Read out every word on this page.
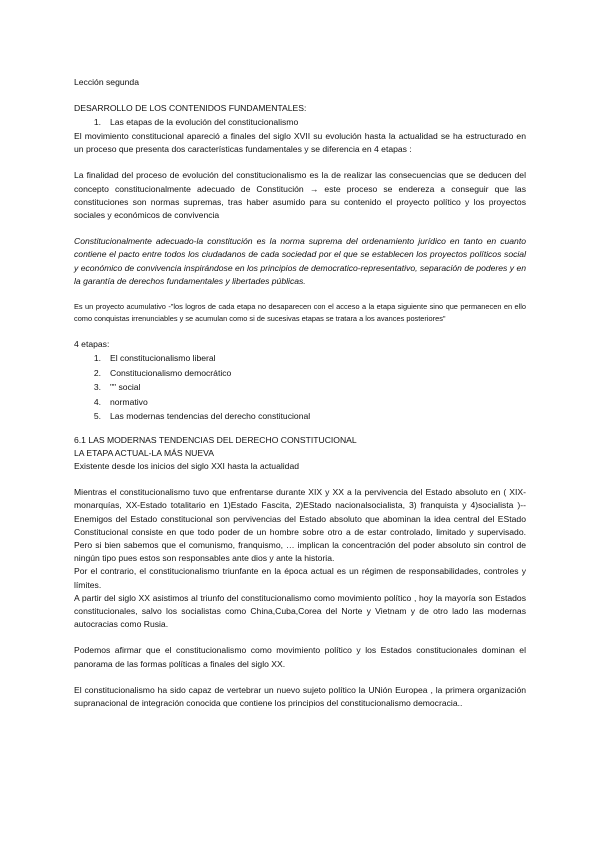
Lección segunda

DESARROLLO DE LOS CONTENIDOS FUNDAMENTALES:

1.	Las etapas de la evolución del constitucionalismo

El movimiento constitucional apareció a finales del siglo XVII su evolución hasta la actualidad se ha estructurado en un proceso que presenta dos características fundamentales y se diferencia en 4 etapas :

La finalidad del proceso de evolución del constitucionalismo es la de realizar las consecuencias que se deducen del concepto constitucionalmente adecuado de Constitución → este proceso se endereza a conseguir que las constituciones son normas supremas, tras haber asumido para su contenido el proyecto político y los proyectos sociales y económicos de convivencia

Constitucionalmente adecuado-la constitución es la norma suprema del ordenamiento jurídico en tanto en cuanto contiene el pacto entre todos los ciudadanos de cada sociedad por el que se establecen los proyectos políticos social y económico de convivencia inspirándose en los principios de democratico-representativo, separación de poderes y en la garantía de derechos fundamentales y libertades públicas.

Es un proyecto acumulativo -"los logros de cada etapa no desaparecen con el acceso a la etapa siguiente sino que permanecen en ello como conquistas irrenunciables y se acumulan como si de sucesivas etapas se tratara a los avances posteriores"

4 etapas:

1.	El constitucionalismo liberal
2.	Constitucionalismo democrático
3.	"" social
4.	normativo
5.	Las modernas tendencias del derecho constitucional

6.1 LAS MODERNAS TENDENCIAS DEL DERECHO CONSTITUCIONAL

LA ETAPA ACTUAL-LA MÁS NUEVA

Existente desde los inicios del siglo XXI hasta la actualidad

Mientras el constitucionalismo tuvo que enfrentarse durante XIX y XX a la pervivencia del Estado absoluto en ( XIX-monarquías, XX-Estado totalitario en 1)Estado Fascita, 2)EStado nacionalsocialista, 3) franquista y 4)socialista )-- Enemigos del Estado constitucional son pervivencias del Estado absoluto que abominan la idea central del EStado Constitucional consiste en que todo poder de un hombre sobre otro a de estar controlado, limitado y supervisado. Pero si bien sabemos que el comunismo, franquismo, … implican la concentración del poder absoluto sin control de ningún tipo pues estos son responsables ante dios y ante la historia.

Por el contrario, el constitucionalismo triunfante en la época actual es un régimen de responsabilidades, controles y límites.

A partir del siglo XX asistimos al triunfo del constitucionalismo como movimiento político , hoy la mayoría son Estados constitucionales, salvo los socialistas como China,Cuba,Corea del Norte y Vietnam y de otro lado las modernas autocracias como Rusia.

Podemos afirmar que el constitucionalismo como movimiento político y los Estados constitucionales dominan el panorama de las formas políticas a finales del siglo XX.

El constitucionalismo ha sido capaz de vertebrar un nuevo sujeto político la UNión Europea , la primera organización supranacional de integración conocida que contiene los principios del constitucionalismo democracia..
